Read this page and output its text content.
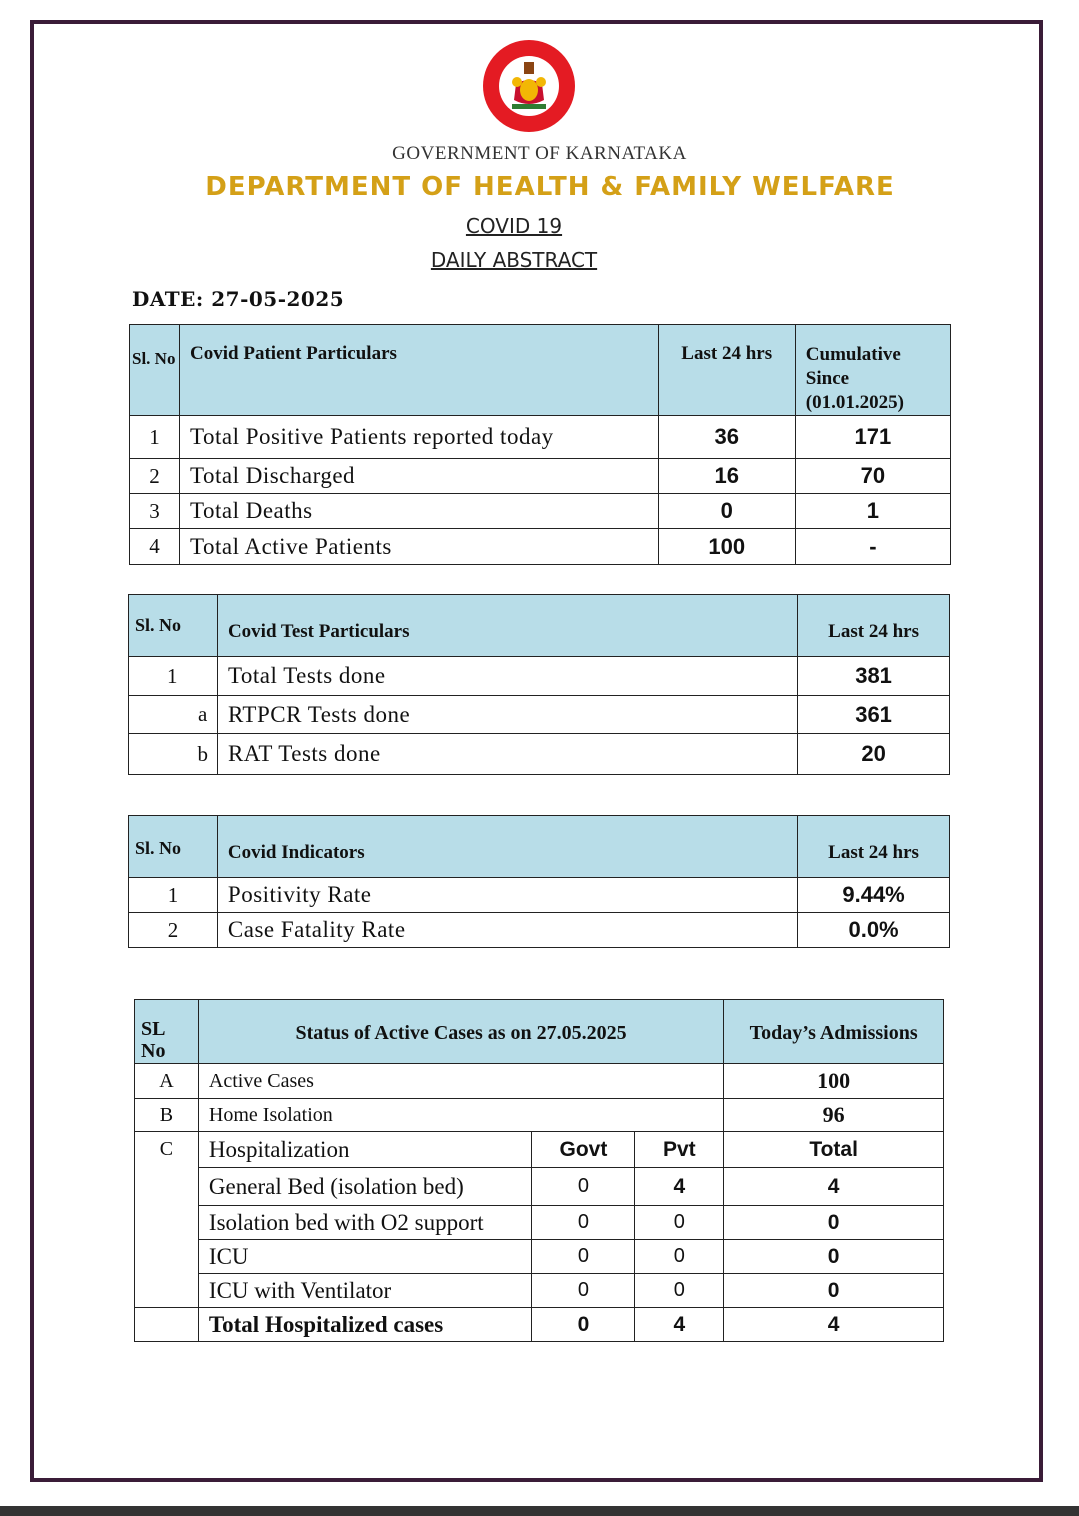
GOVERNMENT OF KARNATAKA
DEPARTMENT OF HEALTH & FAMILY WELFARE
COVID 19
DAILY ABSTRACT
DATE: 27-05-2025
Sl. No	Covid Patient Particulars	Last 24 hrs	Cumulative
Since
(01.01.2025)

1	Total Positive Patients reported today	36	171
2	Total Discharged	16	70
3	Total Deaths	0	1
4	Total Active Patients	100	-
Sl. No		Covid Test Particulars	Last 24 hrs
1		Total Tests done	381
	a	RTPCR Tests done	361
	b	RAT Tests done	20
Sl. No	Covid Indicators	Last 24 hrs
1	Positivity Rate	9.44%
2	Case Fatality Rate	0.0%
SL
No	Status of Active Cases as on 27.05.2025			Today’s Admissions
A	Active Cases			100
B	Home Isolation			96
C	Hospitalization	Govt	Pvt	Total
	General Bed (isolation bed)	0	4	4
	Isolation bed with O2 support	0	0	0
	ICU	0	0	0
	ICU with Ventilator	0	0	0
	Total Hospitalized cases	0	4	4
